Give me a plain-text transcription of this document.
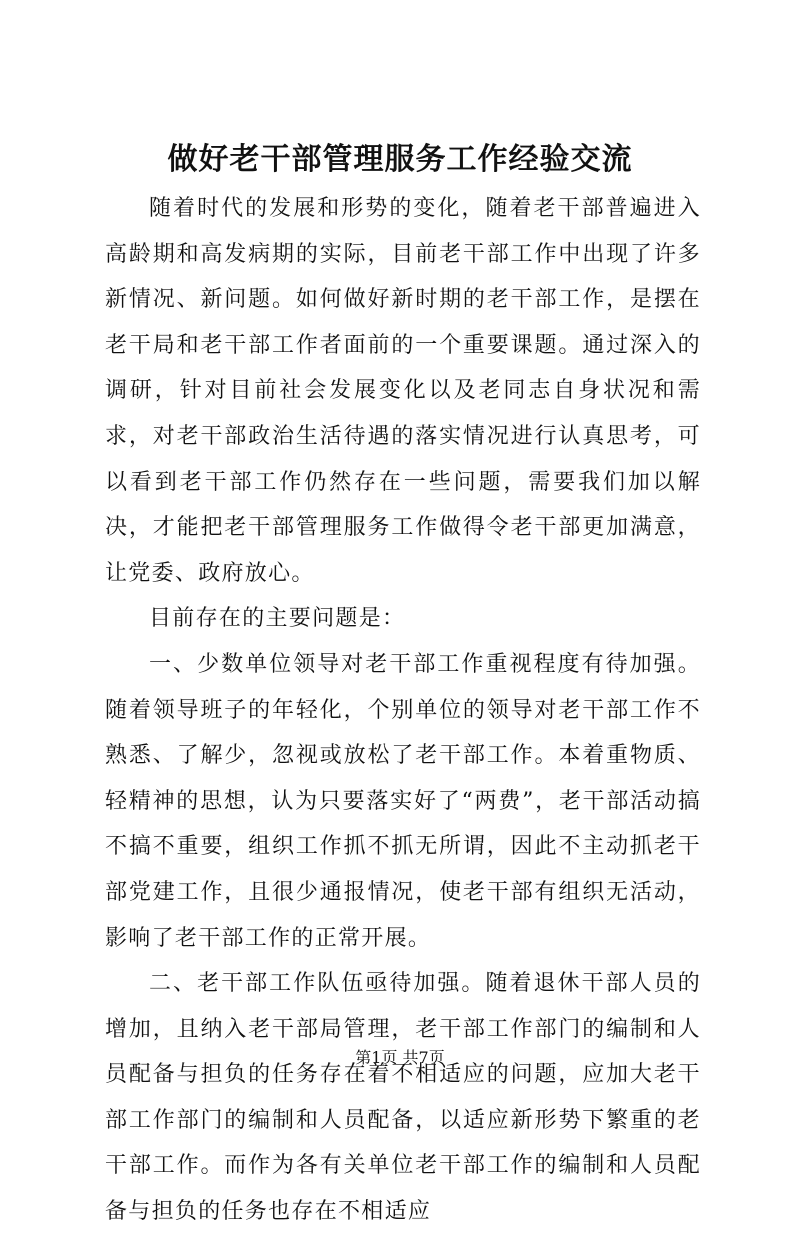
做好老干部管理服务工作经验交流

随着时代的发展和形势的变化，随着老干部普遍进入高龄期和高发病期的实际，目前老干部工作中出现了许多新情况、新问题。如何做好新时期的老干部工作，是摆在老干局和老干部工作者面前的一个重要课题。通过深入的调研，针对目前社会发展变化以及老同志自身状况和需求，对老干部政治生活待遇的落实情况进行认真思考，可以看到老干部工作仍然存在一些问题，需要我们加以解决，才能把老干部管理服务工作做得令老干部更加满意，让党委、政府放心。

目前存在的主要问题是：

一、少数单位领导对老干部工作重视程度有待加强。随着领导班子的年轻化，个别单位的领导对老干部工作不熟悉、了解少，忽视或放松了老干部工作。本着重物质、轻精神的思想，认为只要落实好了“两费”，老干部活动搞不搞不重要，组织工作抓不抓无所谓，因此不主动抓老干部党建工作，且很少通报情况，使老干部有组织无活动，影响了老干部工作的正常开展。

二、老干部工作队伍亟待加强。随着退休干部人员的增加，且纳入老干部局管理，老干部工作部门的编制和人员配备与担负的任务存在着不相适应的问题，应加大老干部工作部门的编制和人员配备，以适应新形势下繁重的老干部工作。而作为各有关单位老干部工作的编制和人员配备与担负的任务也存在不相适应

第1页 共7页
